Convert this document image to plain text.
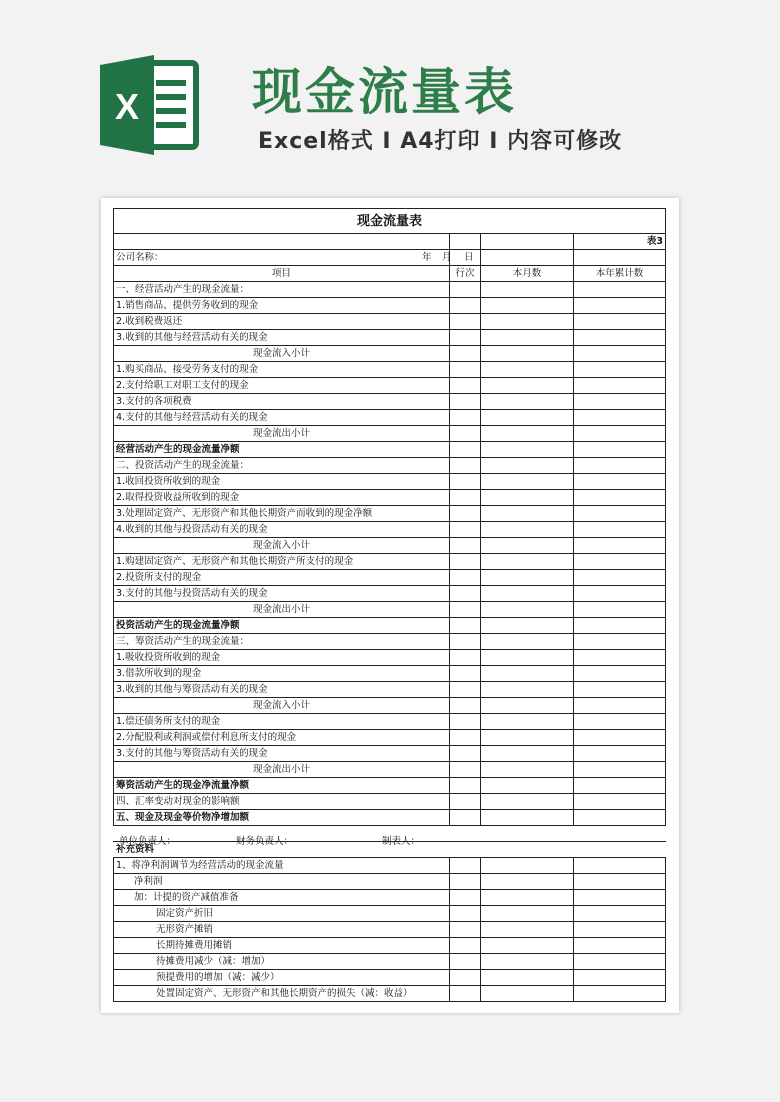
X 现金流量表
Excel格式 Ⅰ A4打印 Ⅰ 内容可修改
现金流量表			
			表3
公司名称： 年 月 日			

项目	行次	本月数	本年累计数
一、经营活动产生的现金流量：			
1.销售商品、提供劳务收到的现金			
2.收到税费返还			
3.收到的其他与经营活动有关的现金			
现金流入小计			
1.购买商品、接受劳务支付的现金			
2.支付给职工对职工支付的现金			
3.支付的各项税费			
4.支付的其他与经营活动有关的现金			
现金流出小计			
经营活动产生的现金流量净额			
二、投资活动产生的现金流量：			
1.收回投资所收到的现金			
2.取得投资收益所收到的现金			
3.处理固定资产、无形资产和其他长期资产而收到的现金净额			
4.收到的其他与投资活动有关的现金			
现金流入小计			
1.购建固定资产、无形资产和其他长期资产所支付的现金			
2.投资所支付的现金			
3.支付的其他与投资活动有关的现金			
现金流出小计			
投资活动产生的现金流量净额			
三、筹资活动产生的现金流量：			
1.吸收投资所收到的现金			
3.借款所收到的现金			
3.收到的其他与筹资活动有关的现金			
现金流入小计			
1.偿还债务所支付的现金			
2.分配股利或利润或偿付利息所支付的现金			
3.支付的其他与筹资活动有关的现金			
现金流出小计			
筹资活动产生的现金净流量净额			
四、汇率变动对现金的影响额			
五、现金及现金等价物净增加额			

单位负责人： 财务负责人： 制表人：			

补充资料			
1、将净利润调节为经营活动的现金流量			
净利润			
加：计提的资产减值准备			
固定资产折旧			
无形资产摊销			
长期待摊费用摊销			
待摊费用减少（减：增加）			
预提费用的增加（减：减少）			
处置固定资产、无形资产和其他长期资产的损失（减：收益）			
